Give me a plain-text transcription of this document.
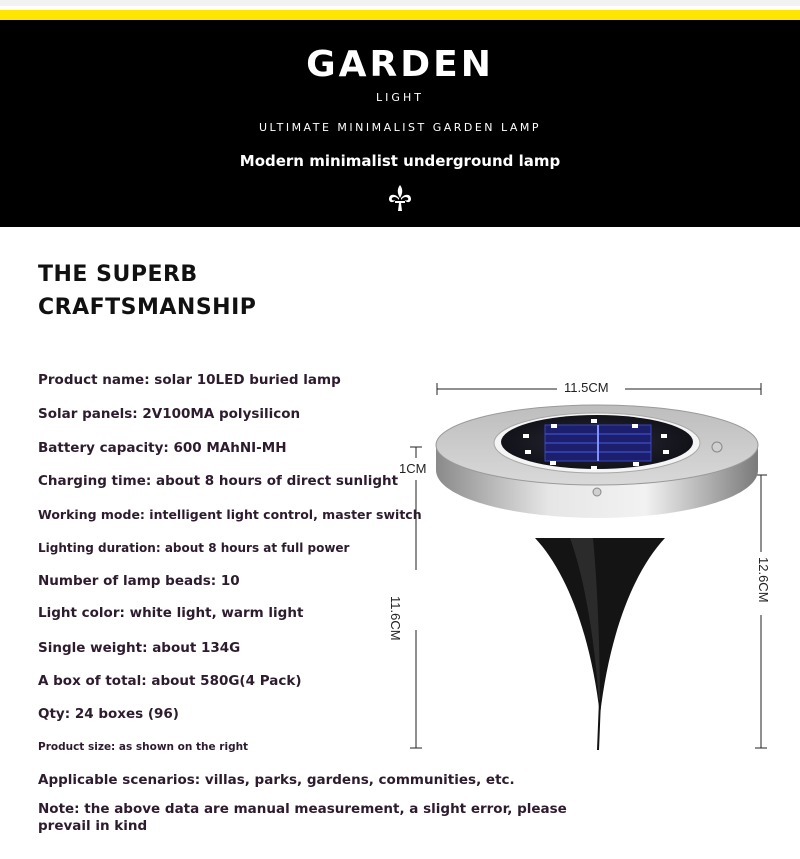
GARDEN
LIGHT
ULTIMATE MINIMALIST GARDEN LAMP
Modern minimalist underground lamp
THE SUPERB
CRAFTSMANSHIP
Product name: solar 10LED buried lamp
Solar panels: 2V100MA polysilicon
Battery capacity: 600 MAhNI-MH
Charging time: about 8 hours of direct sunlight
Working mode: intelligent light control, master switch
Lighting duration: about 8 hours at full power
Number of lamp beads: 10
Light color: white light, warm light
Single weight: about 134G
A box of total: about 580G(4 Pack)
Qty: 24 boxes (96)
Product size: as shown on the right
Applicable scenarios: villas, parks, gardens, communities, etc.
Note: the above data are manual measurement, a slight error, please prevail in kind
11.5CM
1CM
11.6CM
12.6CM
